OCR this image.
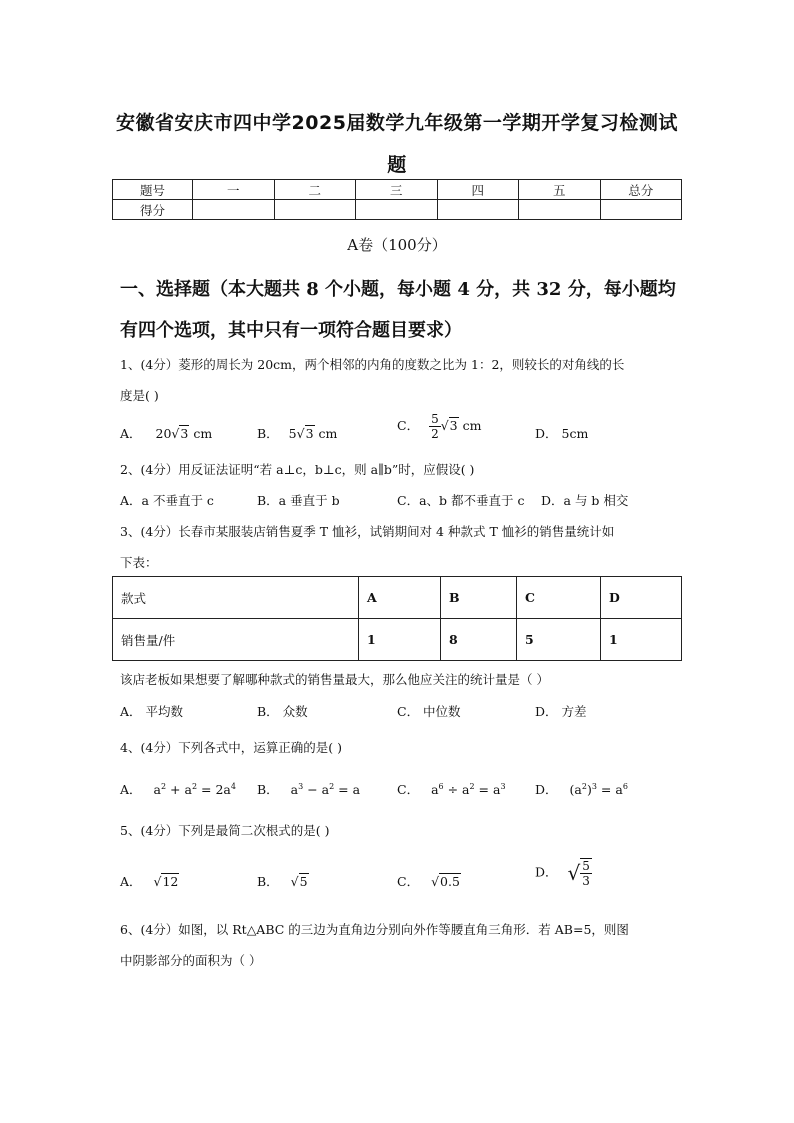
安徽省安庆市四中学2025届数学九年级第一学期开学复习检测试
题
题号	一	二	三	四	五	总分
得分						
A卷（100分）
一、选择题（本大题共 8 个小题，每小题 4 分，共 32 分，每小题均
有四个选项，其中只有一项符合题目要求）
1、(4分）菱形的周长为 20cm，两个相邻的内角的度数之比为 1：2，则较长的对角线的长
度是( )
A． 20√3 cm	B． 5√3 cm
C． $\frac{5}{2} √3$ cm
D． 5cm
2、(4分）用反证法证明“若 a⊥c，b⊥c，则 a∥b”时，应假设( )
A．a 不垂直于 c	B．a 垂直于 b	C．a、b 都不垂直于 c D．a 与 b 相交
3、(4分）长春市某服装店销售夏季 T 恤衫，试销期间对 4 种款式 T 恤衫的销售量统计如
下表：
款式	A	B	C	D
销售量/件	1	8	5	1
该店老板如果想要了解哪种款式的销售量最大，那么他应关注的统计量是（ ）
A． 平均数	B． 众数	C． 中位数	D． 方差
4、(4分）下列各式中，运算正确的是( )
A． $a^2 + a^2 = 2a^4$ B． $a^3 - a^2 = a$	C． $a^6 \div a^2 = a^3$ D． $(a^2)^3 = a^6$
5、(4分）下列是最简二次根式的是( )
A． √12	B． √5	C． √0.5
D． √ $\frac{5}{3}$
6、(4分）如图，以 Rt△ABC 的三边为直角边分别向外作等腰直角三角形．若 AB=5，则图
中阴影部分的面积为（ ）
